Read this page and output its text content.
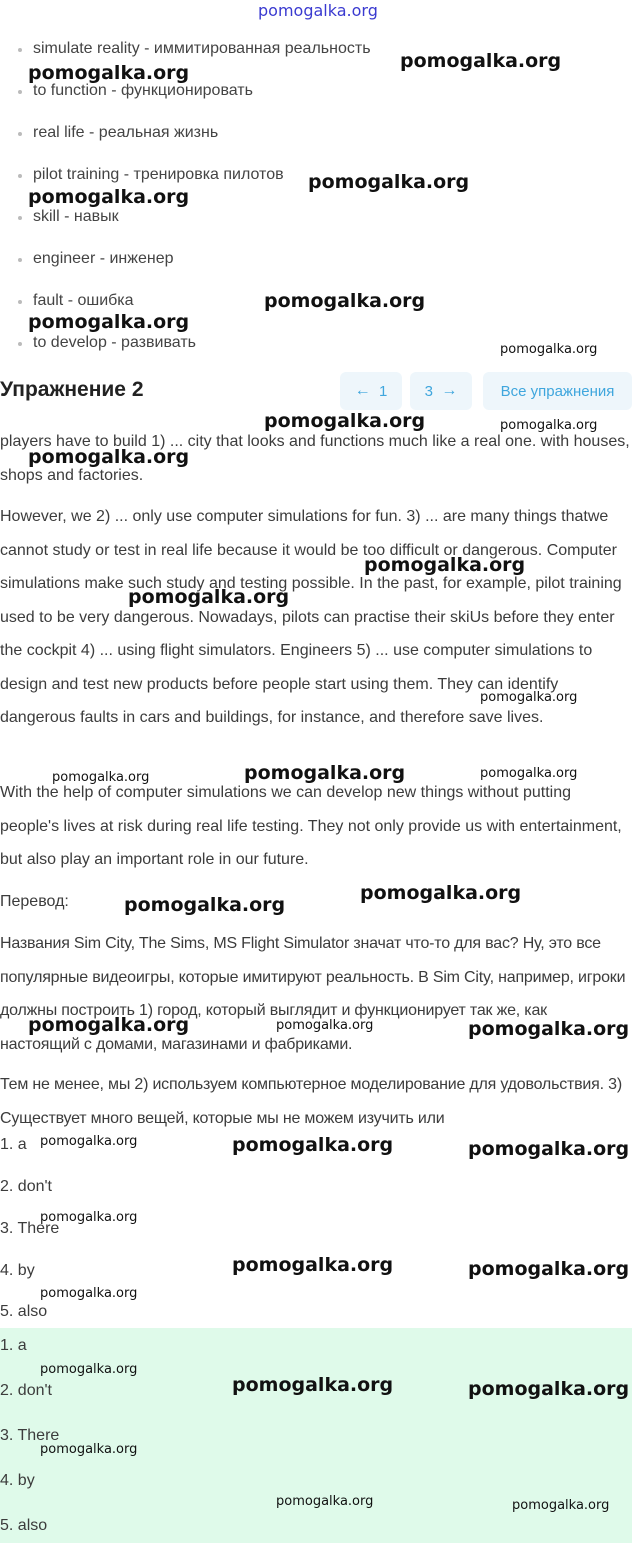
pomogalka.org
simulate reality - иммитированная реальность
to function - функционировать
real life - реальная жизнь
pilot training - тренировка пилотов
skill - навык
engineer - инженер
fault - ошибка
to develop - развивать
Упражнение 2	←
1 3
→	Все упражнения
players have to build 1) ... city that looks and functions much like a real one. with houses, shops and factories.
However, we 2) ... only use computer simulations for fun. 3) ... are many things thatwe cannot study or test in real life because it would be too difficult or dangerous. Computer simulations make such study and testing possible. In the past, for example, pilot training used to be very dangerous. Nowadays, pilots can practise their skiUs before they enter the cockpit 4) ... using flight simulators. Engineers 5) ... use computer simulations to design and test new products before people start using them. They can identify dangerous faults in cars and buildings, for instance, and therefore save lives.
With the help of computer simulations we can develop new things without putting people's lives at risk during real life testing. They not only provide us with entertainment, but also play an important role in our future.
Перевод:
Названия Sim City, The Sims, MS Flight Simulator значат что-то для вас? Ну, это все популярные видеоигры, которые имитируют реальность. В Sim City, например, игроки должны построить 1) город, который выглядит и функционирует так же, как настоящий с домами, магазинами и фабриками.
Тем не менее, мы 2) используем компьютерное моделирование для удовольствия. 3) Существует много вещей, которые мы не можем изучить или
1. a
2. don't
3. There
4. by
5. also
1. a
2. don't
3. There
4. by
5. also
pomogalka.org
pomogalka.org
pomogalka.org
pomogalka.org
pomogalka.org
pomogalka.org
pomogalka.org
pomogalka.org	pomogalka.org
pomogalka.org
pomogalka.org
pomogalka.org
pomogalka.org
pomogalka.org	pomogalka.org	pomogalka.org
pomogalka.org
pomogalka.org
pomogalka.org	pomogalka.org	pomogalka.org
pomogalka.org	pomogalka.org	pomogalka.org
pomogalka.org
pomogalka.org	pomogalka.org
pomogalka.org
pomogalka.org
pomogalka.org	pomogalka.org
pomogalka.org
pomogalka.org	pomogalka.org
